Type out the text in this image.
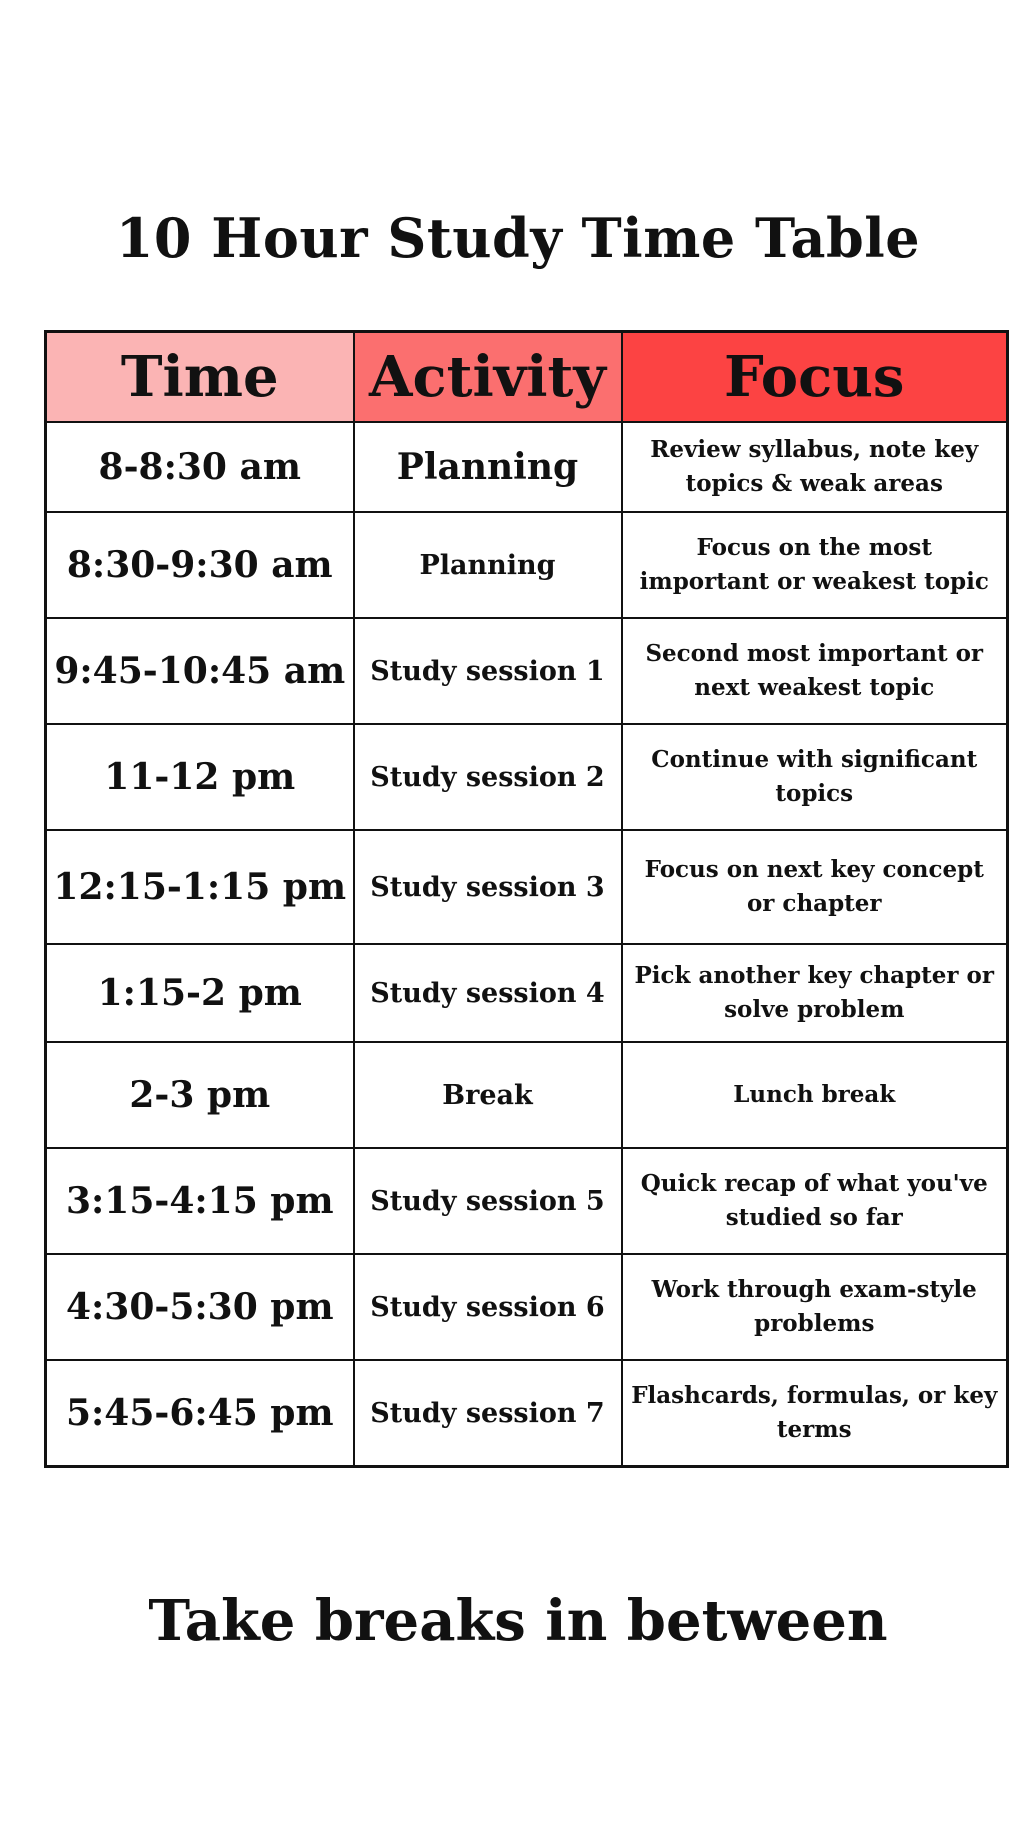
10 Hour Study Time Table
Time	Activity	Focus
8-8:30 am	Planning	Review syllabus, note key topics & weak areas
8:30-9:30 am	Planning	Focus on the most important or weakest topic
9:45-10:45 am	Study session 1	Second most important or next weakest topic
11-12 pm	Study session 2	Continue with significant topics
12:15-1:15 pm	Study session 3	Focus on next key concept or chapter
1:15-2 pm	Study session 4	Pick another key chapter or solve problem
2-3 pm	Break	Lunch break
3:15-4:15 pm	Study session 5	Quick recap of what you've studied so far
4:30-5:30 pm	Study session 6	Work through exam-style problems
5:45-6:45 pm	Study session 7	Flashcards, formulas, or key terms

Take breaks in between
